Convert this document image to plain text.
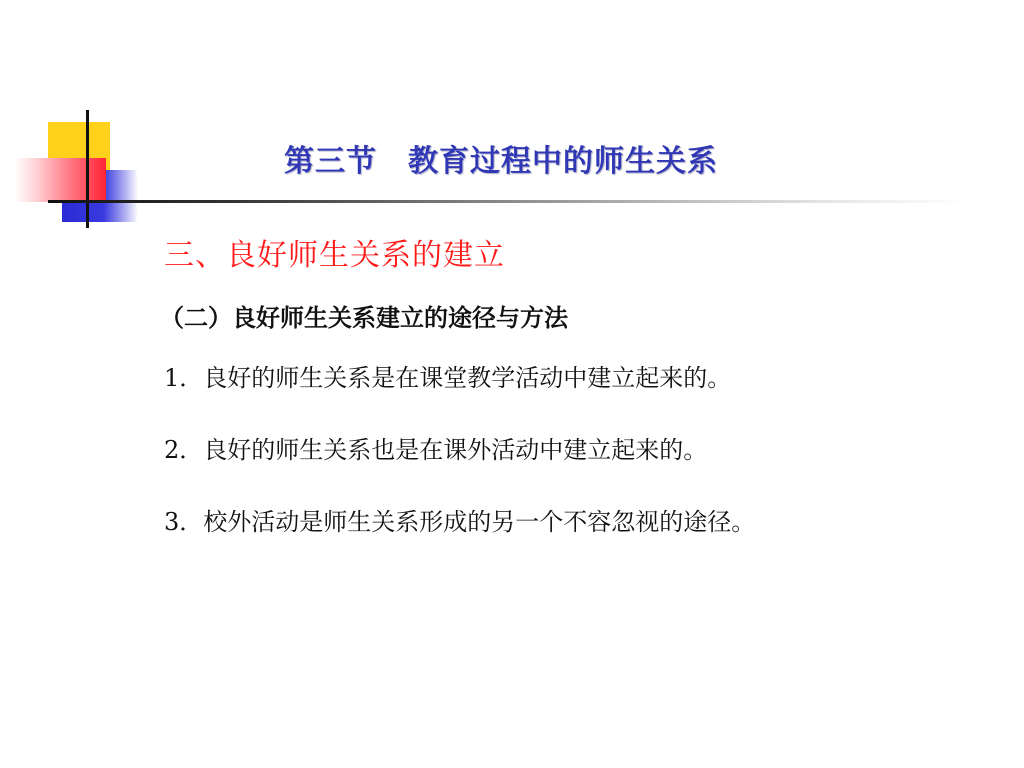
第三节　教育过程中的师生关系
三、良好师生关系的建立
（二）良好师生关系建立的途径与方法
1．良好的师生关系是在课堂教学活动中建立起来的。
2．良好的师生关系也是在课外活动中建立起来的。
3．校外活动是师生关系形成的另一个不容忽视的途径。
